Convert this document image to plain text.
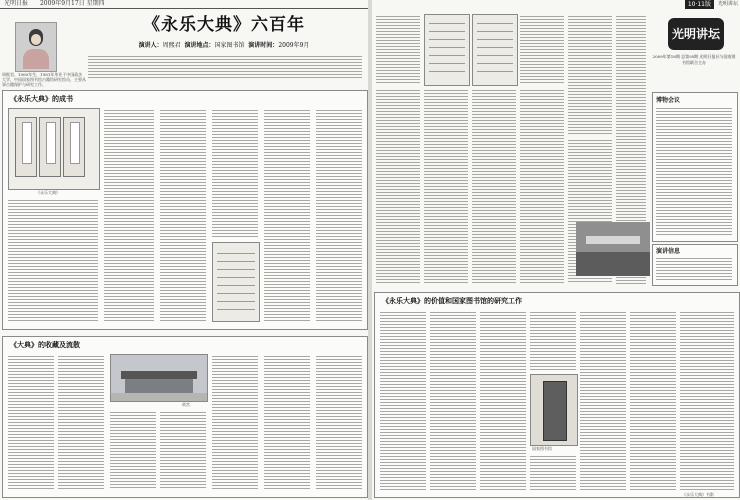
光明日报 2009年9月17日 星期四
周熙君，1960年生，1981年毕业于中国政法大学，中国国家图书馆古籍馆研究馆员，主要从事古籍保护与研究工作。
《永乐大典》六百年
演讲人：周熙君 演讲地点：国家图书馆 演讲时间：2009年9月
《永乐大典》的成书
《永乐大典》
《大典》的收藏及流散
故宫
10·11版	光明讲坛
光明讲坛
2009年第18期 总第95期 光明日报社与国家图书馆联合主办
博物会议
演讲信息
《永乐大典》的价值和国家图书馆的研究工作
国家图书馆
《永乐大典》书影
